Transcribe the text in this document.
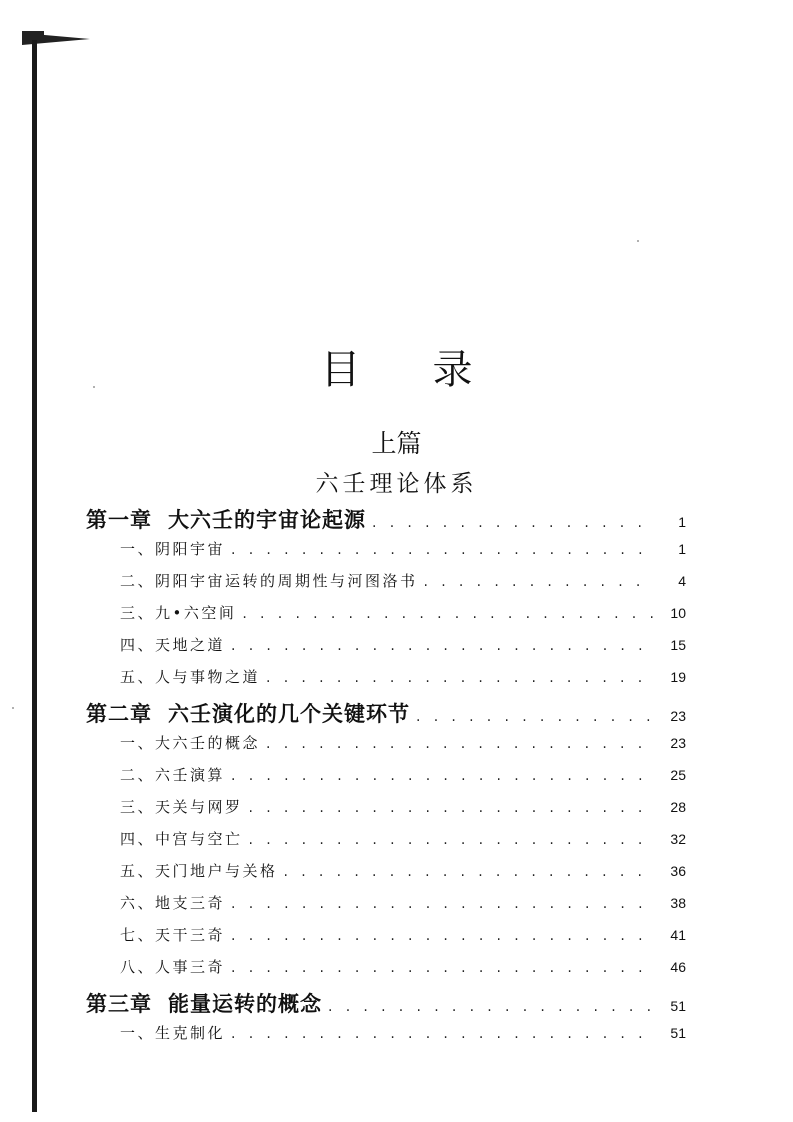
目 录
上篇
六壬理论体系
第一章 大六壬的宇宙论起源 . . .	1
一、阴阳宇宙 . . .	1
二、阴阳宇宙运转的周期性与河图洛书 . . .	4
三、九•六空间 . . .	10
四、天地之道 . . .	15
五、人与事物之道 . . .	19
第二章 六壬演化的几个关键环节 . . .	23
一、大六壬的概念 . . .	23
二、六壬演算 . . .	25
三、天关与网罗 . . .	28
四、中宫与空亡 . . .	32
五、天门地户与关格 . . .	36
六、地支三奇 . . .	38
七、天干三奇 . . .	41
八、人事三奇 . . .	46
第三章 能量运转的概念 . . .	51
一、生克制化 . . .	51
